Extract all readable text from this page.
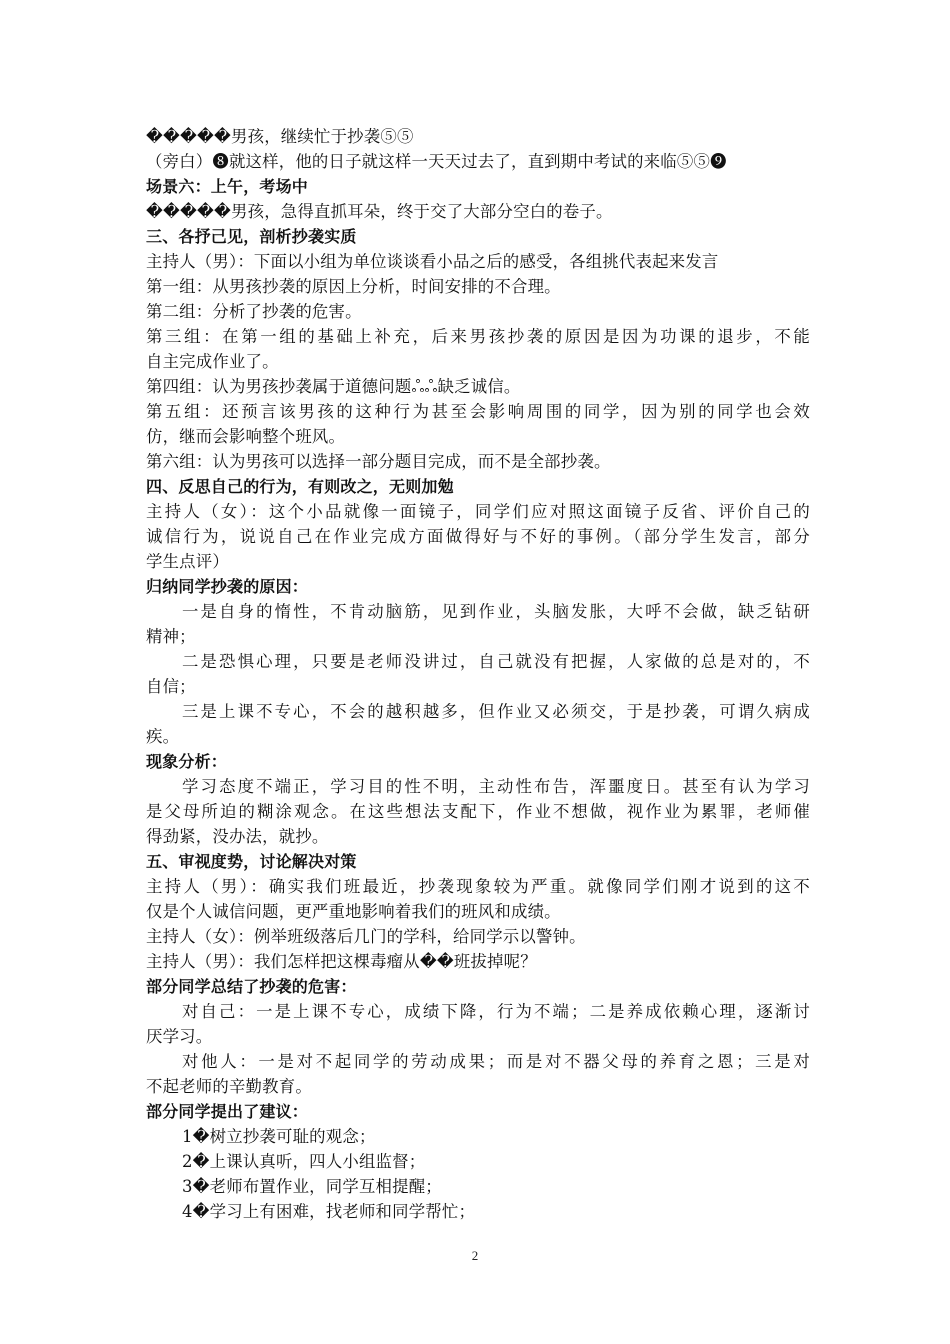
�����男孩，继续忙于抄袭⑤⑤
（旁白）❽就这样，他的日子就这样一天天过去了，直到期中考试的来临⑤⑤❾
场景六：上午，考场中
�����男孩，急得直抓耳朵，终于交了大部分空白的卷子。
三、各抒己见，剖析抄袭实质
主持人（男）：下面以小组为单位谈谈看小品之后的感受，各组挑代表起来发言
第一组：从男孩抄袭的原因上分析，时间安排的不合理。
第二组：分析了抄袭的危害。
第三组：在第一组的基础上补充，后来男孩抄袭的原因是因为功课的退步，不能
自主完成作业了。
第四组：认为男孩抄袭属于道德问题ஃஃ缺乏诚信。
第五组：还预言该男孩的这种行为甚至会影响周围的同学，因为别的同学也会效
仿，继而会影响整个班风。
第六组：认为男孩可以选择一部分题目完成，而不是全部抄袭。
四、反思自己的行为，有则改之，无则加勉
主持人（女）：这个小品就像一面镜子，同学们应对照这面镜子反省、评价自己的
诚信行为，说说自己在作业完成方面做得好与不好的事例。（部分学生发言，部分
学生点评）
归纳同学抄袭的原因：
一是自身的惰性，不肯动脑筋，见到作业，头脑发胀，大呼不会做，缺乏钻研
精神；
二是恐惧心理，只要是老师没讲过，自己就没有把握，人家做的总是对的，不
自信；
三是上课不专心，不会的越积越多，但作业又必须交，于是抄袭，可谓久病成
疾。
现象分析：
学习态度不端正，学习目的性不明，主动性布告，浑噩度日。甚至有认为学习
是父母所迫的糊涂观念。在这些想法支配下，作业不想做，视作业为累罪，老师催
得劲紧，没办法，就抄。
五、审视度势，讨论解决对策
主持人（男）：确实我们班最近，抄袭现象较为严重。就像同学们刚才说到的这不
仅是个人诚信问题，更严重地影响着我们的班风和成绩。
主持人（女）：例举班级落后几门的学科，给同学示以警钟。
主持人（男）：我们怎样把这棵毒瘤从��班拔掉呢？
部分同学总结了抄袭的危害：
对自己：一是上课不专心，成绩下降，行为不端；二是养成依赖心理，逐渐讨
厌学习。
对他人：一是对不起同学的劳动成果；而是对不器父母的养育之恩；三是对
不起老师的辛勤教育。
部分同学提出了建议：
1�树立抄袭可耻的观念；
2�上课认真听，四人小组监督；
3�老师布置作业，同学互相提醒；
4�学习上有困难，找老师和同学帮忙；
2
